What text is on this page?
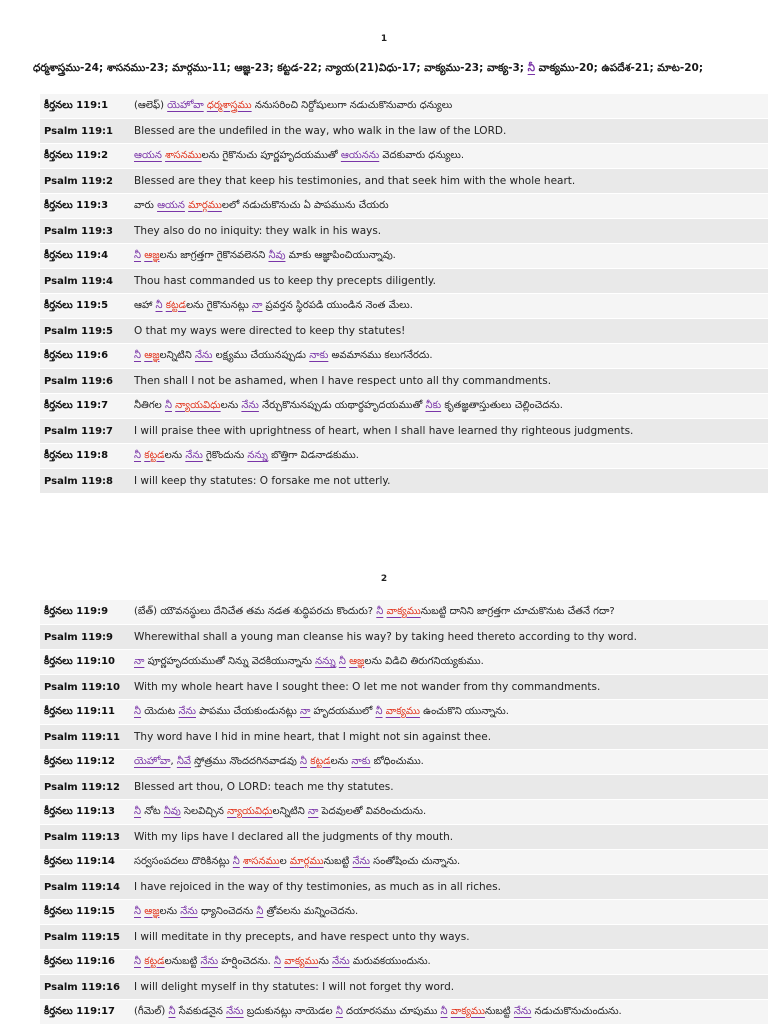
1
ధర్మశాస్త్రము-24; శాసనము-23; మార్గము-11; ఆజ్ఞ-23; కట్టడ-22; న్యాయ(21)విధు-17; వాక్యము-23; వాక్య-3; నీ వాక్యము-20; ఉపదేశ-21; మాట-20;
కీర్తనలు 119:1	(ఆలెఫ్) యెహోవా ధర్మశాస్త్రము ననుసరించి నిర్దోషులుగా నడుచుకొనువారు ధన్యులు
Psalm 119:1	Blessed are the undefiled in the way, who walk in the law of the LORD.
కీర్తనలు 119:2	ఆయన శాసనములను గైకొనుచు పూర్ణహృదయముతో ఆయనను వెదకువారు ధన్యులు.
Psalm 119:2	Blessed are they that keep his testimonies, and that seek him with the whole heart.
కీర్తనలు 119:3	వారు ఆయన మార్గములలో నడుచుకొనుచు ఏ పాపమును చేయరు
Psalm 119:3	They also do no iniquity: they walk in his ways.
కీర్తనలు 119:4	నీ ఆజ్ఞలను జాగ్రత్తగా గైకొనవలెనని నీవు మాకు ఆజ్ఞాపించియున్నావు.
Psalm 119:4	Thou hast commanded us to keep thy precepts diligently.
కీర్తనలు 119:5	ఆహా నీ కట్టడలను గైకొనునట్లు నా ప్రవర్తన స్థిరపడి యుండిన నెంత మేలు.
Psalm 119:5	O that my ways were directed to keep thy statutes!
కీర్తనలు 119:6	నీ ఆజ్ఞలన్నిటిని నేను లక్ష్యము చేయునప్పుడు నాకు అవమానము కలుగనేరదు.
Psalm 119:6	Then shall I not be ashamed, when I have respect unto all thy commandments.
కీర్తనలు 119:7	నీతిగల నీ న్యాయవిధులను నేను నేర్చుకొనునప్పుడు యథార్థహృదయముతో నీకు కృతజ్ఞతాస్తుతులు చెల్లించెదను.
Psalm 119:7	I will praise thee with uprightness of heart, when I shall have learned thy righteous judgments.
కీర్తనలు 119:8	నీ కట్టడలను నేను గైకొందును నన్ను బొత్తిగా విడనాడకుము.
Psalm 119:8	I will keep thy statutes: O forsake me not utterly.
2
కీర్తనలు 119:9	(బేత్) యౌవనస్థులు దేనిచేత తమ నడత శుద్ధిపరచు కొందురు? నీ వాక్యమునుబట్టి దానిని జాగ్రత్తగా చూచుకొనుట చేతనే గదా?
Psalm 119:9	Wherewithal shall a young man cleanse his way? by taking heed thereto according to thy word.
కీర్తనలు 119:10	నా పూర్ణహృదయముతో నిన్ను వెదకియున్నాను నన్ను నీ ఆజ్ఞలను విడిచి తిరుగనియ్యకుము.
Psalm 119:10	With my whole heart have I sought thee: O let me not wander from thy commandments.
కీర్తనలు 119:11	నీ యెదుట నేను పాపము చేయకుండునట్లు నా హృదయములో నీ వాక్యము ఉంచుకొని యున్నాను.
Psalm 119:11	Thy word have I hid in mine heart, that I might not sin against thee.
కీర్తనలు 119:12	యెహోవా, నీవే స్తోత్రము నొందదగినవాడవు నీ కట్టడలను నాకు బోధించుము.
Psalm 119:12	Blessed art thou, O LORD: teach me thy statutes.
కీర్తనలు 119:13	నీ నోట నీవు సెలవిచ్చిన న్యాయవిధులన్నిటిని నా పెదవులతో వివరించుదును.
Psalm 119:13	With my lips have I declared all the judgments of thy mouth.
కీర్తనలు 119:14	సర్వసంపదలు దొరికినట్లు నీ శాసనముల మార్గమునుబట్టి నేను సంతోషించు చున్నాను.
Psalm 119:14	I have rejoiced in the way of thy testimonies, as much as in all riches.
కీర్తనలు 119:15	నీ ఆజ్ఞలను నేను ధ్యానించెదను నీ త్రోవలను మన్నించెదను.
Psalm 119:15	I will meditate in thy precepts, and have respect unto thy ways.
కీర్తనలు 119:16	నీ కట్టడలనుబట్టి నేను హర్షించెదను. నీ వాక్యమును నేను మరువకయుందును.
Psalm 119:16	I will delight myself in thy statutes: I will not forget thy word.
కీర్తనలు 119:17	(గీమెల్) నీ సేవకుడనైన నేను బ్రదుకునట్లు నాయెడల నీ దయారసము చూపుము నీ వాక్యమునుబట్టి నేను నడుచుకొనుచుందును.
